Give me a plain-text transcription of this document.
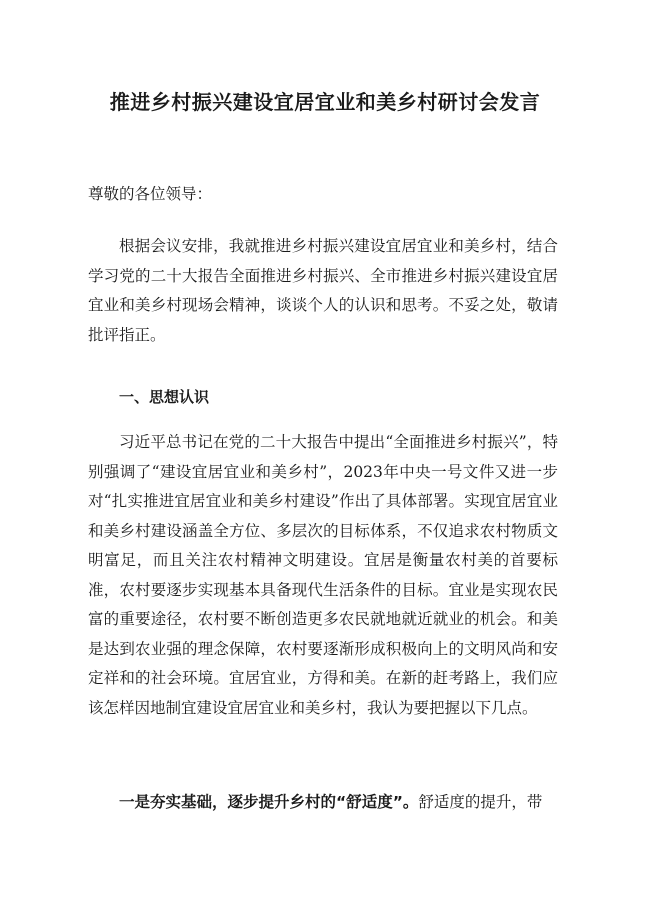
推进乡村振兴建设宜居宜业和美乡村研讨会发言
尊敬的各位领导：
根据会议安排，我就推进乡村振兴建设宜居宜业和美乡村，结合学习党的二十大报告全面推进乡村振兴、全市推进乡村振兴建设宜居宜业和美乡村现场会精神，谈谈个人的认识和思考。不妥之处，敬请批评指正。
一、思想认识
习近平总书记在党的二十大报告中提出“全面推进乡村振兴”，特别强调了“建设宜居宜业和美乡村”，2023年中央一号文件又进一步对“扎实推进宜居宜业和美乡村建设”作出了具体部署。实现宜居宜业和美乡村建设涵盖全方位、多层次的目标体系，不仅追求农村物质文明富足，而且关注农村精神文明建设。宜居是衡量农村美的首要标准，农村要逐步实现基本具备现代生活条件的目标。宜业是实现农民富的重要途径，农村要不断创造更多农民就地就近就业的机会。和美是达到农业强的理念保障，农村要逐渐形成积极向上的文明风尚和安定祥和的社会环境。宜居宜业，方得和美。在新的赶考路上，我们应该怎样因地制宜建设宜居宜业和美乡村，我认为要把握以下几点。
一是夯实基础，逐步提升乡村的“舒适度”。舒适度的提升，带
